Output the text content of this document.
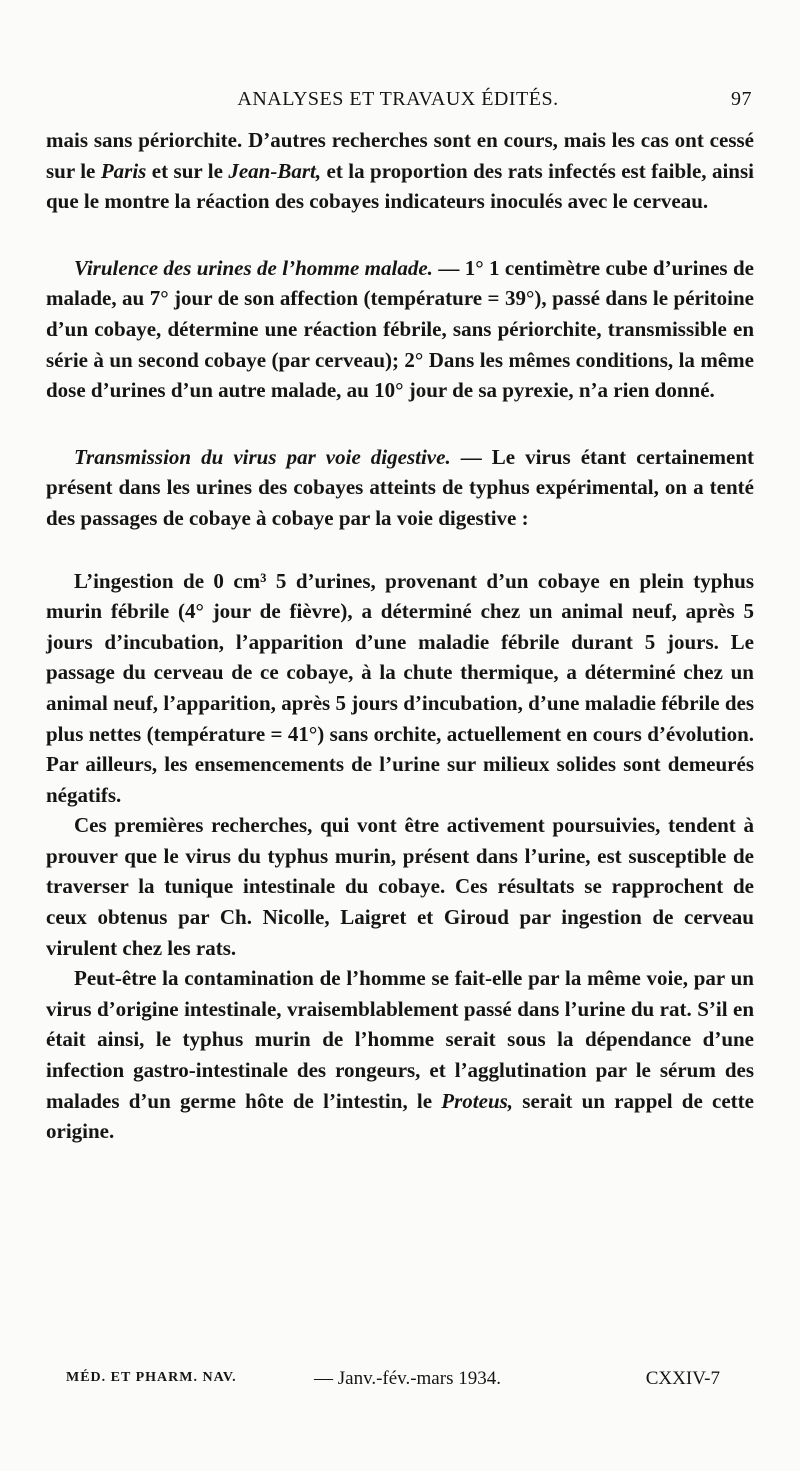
ANALYSES ET TRAVAUX ÉDITÉS.	97

mais sans périorchite. D’autres recherches sont en cours, mais les cas ont cessé sur le Paris et sur le Jean-Bart, et la proportion des rats infectés est faible, ainsi que le montre la réaction des cobayes indicateurs inoculés avec le cerveau.

Virulence des urines de l’homme malade. — 1° 1 centimètre cube d’urines de malade, au 7° jour de son affection (température = 39°), passé dans le péritoine d’un cobaye, détermine une réaction fébrile, sans périorchite, transmissible en série à un second cobaye (par cerveau); 2° Dans les mêmes conditions, la même dose d’urines d’un autre malade, au 10° jour de sa pyrexie, n’a rien donné.

Transmission du virus par voie digestive. — Le virus étant certainement présent dans les urines des cobayes atteints de typhus expérimental, on a tenté des passages de cobaye à cobaye par la voie digestive :

L’ingestion de 0 cm³ 5 d’urines, provenant d’un cobaye en plein typhus murin fébrile (4° jour de fièvre), a déterminé chez un animal neuf, après 5 jours d’incubation, l’apparition d’une maladie fébrile durant 5 jours. Le passage du cerveau de ce cobaye, à la chute thermique, a déterminé chez un animal neuf, l’apparition, après 5 jours d’incubation, d’une maladie fébrile des plus nettes (température = 41°) sans orchite, actuellement en cours d’évolution. Par ailleurs, les ensemencements de l’urine sur milieux solides sont demeurés négatifs.

Ces premières recherches, qui vont être activement poursuivies, tendent à prouver que le virus du typhus murin, présent dans l’urine, est susceptible de traverser la tunique intestinale du cobaye. Ces résultats se rapprochent de ceux obtenus par Ch. Nicolle, Laigret et Giroud par ingestion de cerveau virulent chez les rats.

Peut-être la contamination de l’homme se fait-elle par la même voie, par un virus d’origine intestinale, vraisemblablement passé dans l’urine du rat. S’il en était ainsi, le typhus murin de l’homme serait sous la dépendance d’une infection gastro-intestinale des rongeurs, et l’agglutination par le sérum des malades d’un germe hôte de l’intestin, le Proteus, serait un rappel de cette origine.

MÉD. ET PHARM. NAV.	— Janv.-fév.-mars 1934.	CXXIV-7
